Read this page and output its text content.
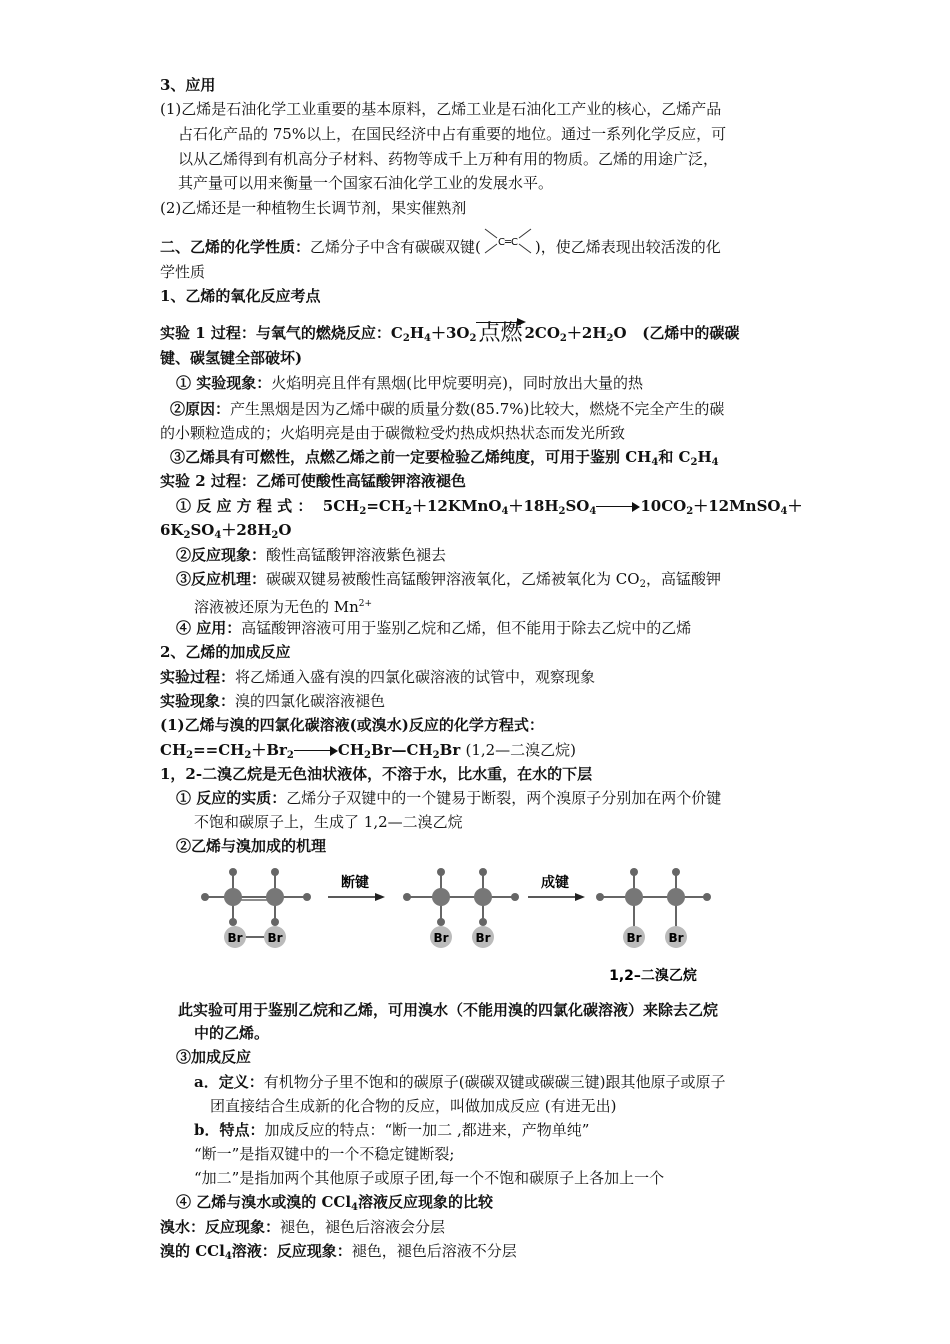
3、应用
(1)乙烯是石油化学工业重要的基本原料，乙烯工业是石油化工产业的核心，乙烯产品
占石化产品的 75%以上，在国民经济中占有重要的地位。通过一系列化学反应，可
以从乙烯得到有机高分子材料、药物等成千上万种有用的物质。乙烯的用途广泛，
其产量可以用来衡量一个国家石油化学工业的发展水平。
(2)乙烯还是一种植物生长调节剂，果实催熟剂
二、乙烯的化学性质：乙烯分子中含有碳碳双键( C═C )，使乙烯表现出较活泼的化
学性质
1、乙烯的氧化反应考点
实验 1 过程：与氧气的燃烧反应：$C_2H_4+3O_2$点燃 $2CO_2+2H_2O$ (乙烯中的碳碳
键、碳氢键全部破坏)
① 实验现象：火焰明亮且伴有黑烟(比甲烷要明亮)，同时放出大量的热
②原因：产生黑烟是因为乙烯中碳的质量分数(85.7%)比较大，燃烧不完全产生的碳
的小颗粒造成的；火焰明亮是由于碳微粒受灼热成炽热状态而发光所致
③乙烯具有可燃性，点燃乙烯之前一定要检验乙烯纯度，可用于鉴别 $CH_4$和 $C_2H_4$
实验 2 过程：乙烯可使酸性高锰酸钾溶液褪色
① 反 应 方 程 式 ： $5CH_2=CH_2+12KMnO_4+18H_2SO_4$	$10CO_2+12MnSO_4+$
$6K_2SO_4+28H_2O$
②反应现象：酸性高锰酸钾溶液紫色褪去
③反应机理：碳碳双键易被酸性高锰酸钾溶液氧化，乙烯被氧化为 $CO_2$，高锰酸钾
溶液被还原为无色的 $Mn^{2+}$
④ 应用：高锰酸钾溶液可用于鉴别乙烷和乙烯，但不能用于除去乙烷中的乙烯
2、乙烯的加成反应
实验过程：将乙烯通入盛有溴的四氯化碳溶液的试管中，观察现象
实验现象：溴的四氯化碳溶液褪色
(1)乙烯与溴的四氯化碳溶液(或溴水)反应的化学方程式：
$CH_2==CH_2+Br_2$	$CH_2Br—CH_2Br$ (1,2—二溴乙烷)
1，2-二溴乙烷是无色油状液体，不溶于水，比水重，在水的下层
① 反应的实质：乙烯分子双键中的一个键易于断裂，两个溴原子分别加在两个价键
不饱和碳原子上，生成了 1,2—二溴乙烷
②乙烯与溴加成的机理
Br Br
断键
Br Br
成键
Br Br
1,2–二溴乙烷
此实验可用于鉴别乙烷和乙烯，可用溴水（不能用溴的四氯化碳溶液）来除去乙烷
中的乙烯。
③加成反应
a．定义：有机物分子里不饱和的碳原子(碳碳双键或碳碳三键)跟其他原子或原子
团直接结合生成新的化合物的反应，叫做加成反应 (有进无出)
b．特点：加成反应的特点：“断一加二 ,都进来，产物单纯”
“断一”是指双键中的一个不稳定键断裂;
“加二”是指加两个其他原子或原子团,每一个不饱和碳原子上各加上一个
④ 乙烯与溴水或溴的 CCl$_4$溶液反应现象的比较
溴水：反应现象：褪色，褪色后溶液会分层
溴的 CCl$_4$溶液：反应现象：褪色，褪色后溶液不分层
